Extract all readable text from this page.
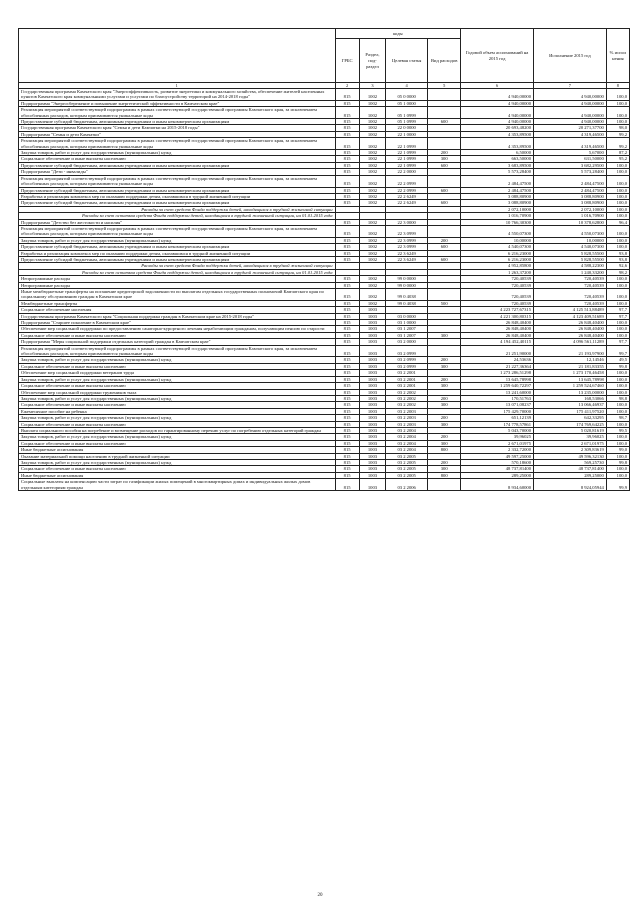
	коды				Годовой объем ассигнований на 2015 год	Исполнение 2015 год	% испол нения
	ГРБС	Раздел, под- раздел	Целевая статья	Вид расходов			
1	2	3	4	5	6	7	8
Государственная программа Камчатского края "Энергоэффективность, развитие энергетики и коммунального хозяйства, обеспечение жителей населенных пунктов Камчатского края коммунальными услугами и услугами по благоустройству территорий на 2014-2018 годы"	815	1002	05 0 0000		4 940,00000	4 940,00000	100,0
Подпрограмма "Энергосбережение и повышение энергетической эффективности в Камчатском крае"	815	1002	05 1 0000		4 940,00000	4 940,00000	100,0
Реализация мероприятий соответствующей подпрограммы в рамках соответствующей государственной программы Камчатского края, за исключением обособленных расходов, которым присваиваются уникальные коды	815	1002	05 1 0999		4 940,00000	4 940,00000	100,0
Предоставление субсидий бюджетным, автономным учреждениям и иным некоммерческим организациям	815	1002	05 1 0999	600	4 940,00000	4 940,00000	100,0
Государственная программа Камчатского края "Семья и дети Камчатки на 2015-2018 годы"	815	1002	22 0 0000		20 693,48200	20 271,37700	98,0
Подпрограмма "Семья и дети Камчатки"	815	1002	22 1 0000		4 353,89500	4 319,46500	99,2
Реализация мероприятий соответствующей подпрограммы в рамках соответствующей государственной программы Камчатского края, за исключением обособленных расходов, которым присваиваются уникальные коды	815	1002	22 1 0999		4 353,89500	4 319,46500	99,2
Закупка товаров, работ и услуг для государственных (муниципальных) нужд	815	1002	22 1 0999	200	6,50000	5,67000	87,2
Социальное обеспечение и иные выплаты населению	815	1002	22 1 0999	300	663,50000	631,50000	95,2
Предоставление субсидий бюджетным, автономным учреждениям и иным некоммерческим организациям	815	1002	22 1 0999	600	3 683,89500	3 682,29500	100,0
Подпрограмма "Дети - инвалиды"	815	1002	22 2 0000		5 573,28400	5 573,28400	100,0
Реализация мероприятий соответствующей подпрограммы в рамках соответствующей государственной программы Камчатского края, за исключением обособленных расходов, которым присваиваются уникальные коды	815	1002	22 2 0999		2 484,47500	2 484,47500	100,0
Предоставление субсидий бюджетным, автономным учреждениям и иным некоммерческим организациям	815	1002	22 2 0999	600	2 484,47500	2 484,47500	100,0
Разработка и реализация комплекса мер по оказанию поддержки детям, оказавшимся в трудной жизненной ситуации	815	1002	22 2 6249		3 088,80900	3 088,80900	100,0
Предоставление субсидий бюджетным, автономным учреждениям и иным некоммерческим организациям	815	1002	22 2 6249	600	3 088,80900	3 088,80900	100,0
Расходы за счет средств Фонда поддержки детей, находящихся в трудной жизненной ситуации					2 072,10000	2 072,10000	100,0
Расходы за счет остатков средств Фонда поддержки детей, находящихся в трудной жизненной ситуации, на 01.01.2015 года					1 016,70900	1 016,70900	100,0
Подпрограмма "Детство без жестокости и насилия"	815	1002	22 3 0000		10 766,30300	10 378,62800	96,4
Реализация мероприятий соответствующей подпрограммы в рамках соответствующей государственной программы Камчатского края, за исключением обособленных расходов, которым присваиваются уникальные коды	815	1002	22 3 0999		4 550,07300	4 550,07300	100,0
Закупка товаров, работ и услуг для государственных (муниципальных) нужд	815	1002	22 3 0999	200	10,00000	10,00000	100,0
Предоставление субсидий бюджетным, автономным учреждениям и иным некоммерческим организациям	815	1002	22 3 0999	600	4 540,07300	4 540,07300	100,0
Разработка и реализация комплекса мер по оказанию поддержки детям, оказавшимся в трудной жизненной ситуации	815	1002	22 3 6249		6 216,23000	5 828,55500	93,8
Предоставление субсидий бюджетным, автономным учреждениям и иным некоммерческим организациям	815	1002	22 3 6249	600	6 216,23000	5 828,55500	93,8
Расходы за счет средств Фонда поддержки детей, находящихся в трудной жизненной ситуации					4 952,85800	4 588,22300	92,6
Расходы за счет остатков средств Фонда поддержки детей, находящихся в трудной жизненной ситуации, на 01.01.2015 года					1 263,37200	1 240,33200	98,2
Непрограммные расходы	815	1002	99 0 0000		720,40539	720,40539	100,0
Непрограммные расходы	815	1002	99 0 0000		720,40539	720,40539	100,0
Иные межбюджетные трансферты на погашение кредиторской задолженности по выплатам отдельных государственных полномочий Камчатского края по социальному обслуживанию граждан в Камчатском крае	815	1002	99 0 4038		720,40539	720,40539	100,0
Межбюджетные трансферты	815	1002	99 0 4038	500	720,40539	720,40539	100,0
Социальное обеспечение населения	815	1003			4 223 727,67315	4 125 513,88489	97,7
Государственная программа Камчатского края "Социальная поддержка граждан в Камчатском крае на 2015-2018 годы"	815	1003	03 0 0000		4 221 300,80315	4 123 409,51689	97,7
Подпрограмма "Старшее поколение в Камчатском крае"	815	1003	03 1 0000		26 848,40400	26 848,40400	100,0
Обеспечение мер социальной поддержки по предоставлению санаторно-курортного лечения неработающим гражданам, получающим пенсию по старости	815	1003	03 1 2007		26 848,40400	26 848,40400	100,0
Социальное обеспечение и иные выплаты населению	815	1003	03 1 2007	300	26 848,40400	26 848,40400	100,0
Подпрограмма "Меры социальной поддержки отдельных категорий граждан в Камчатском крае"	815	1003	03 2 0000		4 194 452,40115	4 096 561,11289	97,7
Реализация мероприятий соответствующей подпрограммы в рамках соответствующей государственной программы Камчатского края, за исключением обособленных расходов, которым присваиваются уникальные коды	815	1003	03 2 0999		21 251,90000	21 193,97900	99,7
Закупка товаров, работ и услуг для государственных (муниципальных) нужд	815	1003	03 2 0999	200	24,53636	12,14546	49,5
Социальное обеспечение и иные выплаты населению	815	1003	03 2 0999	300	21 227,36364	21 181,83355	99,8
Обеспечение мер социальной поддержки ветеранов труда	815	1003	03 2 2001		1 273 286,51298	1 273 170,46458	100,0
Закупка товаров, работ и услуг для государственных (муниципальных) нужд	815	1003	03 2 2001	200	13 645,78998	13 645,78998	100,0
Социальное обеспечение и иные выплаты населению	815	1003	03 2 2001	300	1 259 640,72297	1 259 524,67460	100,0
Обеспечение мер социальной поддержки тружеников тыла	815	1003	03 2 2002		13 241,60000	13 235,00000	100,0
Закупка товаров, работ и услуг для государственных (муниципальных) нужд	815	1003	03 2 2002	200	170,51763	168,53066	98,8
Социальное обеспечение и иные выплаты населению	815	1003	03 2 2002	300	13 071,08237	13 066,46937	100,0
Ежемесячное пособие на ребенка	815	1003	03 2 2003		175 429,70000	175 411,97520	100,0
Закупка товаров, работ и услуг для государственных (муниципальных) нужд	815	1003	03 2 2003	200	651,12139	642,33295	98,7
Социальное обеспечение и иные выплаты населению	815	1003	03 2 2003	300	174 778,57861	174 769,64225	100,0
Выплата социального пособия на погребение и возмещение расходов по гарантированному перечню услуг по погребению отдельных категорий граждан	815	1003	03 2 2004		5 043,70000	5 020,81619	99,5
Закупка товаров, работ и услуг для государственных (муниципальных) нужд	815	1003	03 2 2004	200	39,96025	39,96025	100,0
Социальное обеспечение и иные выплаты населению	815	1003	03 2 2004	300	2 671,01975	2 671,01975	100,0
Иные бюджетные ассигнования	815	1003	03 2 2004	800	2 332,72000	2 309,83619	99,0
Оказание материальной помощи населению в трудной жизненной ситуации	815	1003	03 2 2005		49 597,25000	49 596,32130	100,0
Закупка товаров, работ и услуг для государственных (муниципальных) нужд	815	1003	03 2 2005	200	570,18600	569,25730	99,8
Социальное обеспечение и иные выплаты населению	815	1003	03 2 2005	300	48 737,81400	48 737,81400	100,0
Иные бюджетные ассигнования	815	1003	03 2 2005	800	289,25000	289,25000	100,0
Социальные выплаты на компенсацию части затрат по газификации жилых помещений в многоквартирных домах и индивидуальных жилых домов отдельным категориям граждан	815	1003	03 2 2006		8 934,60000	8 924,05944	99,9
20
